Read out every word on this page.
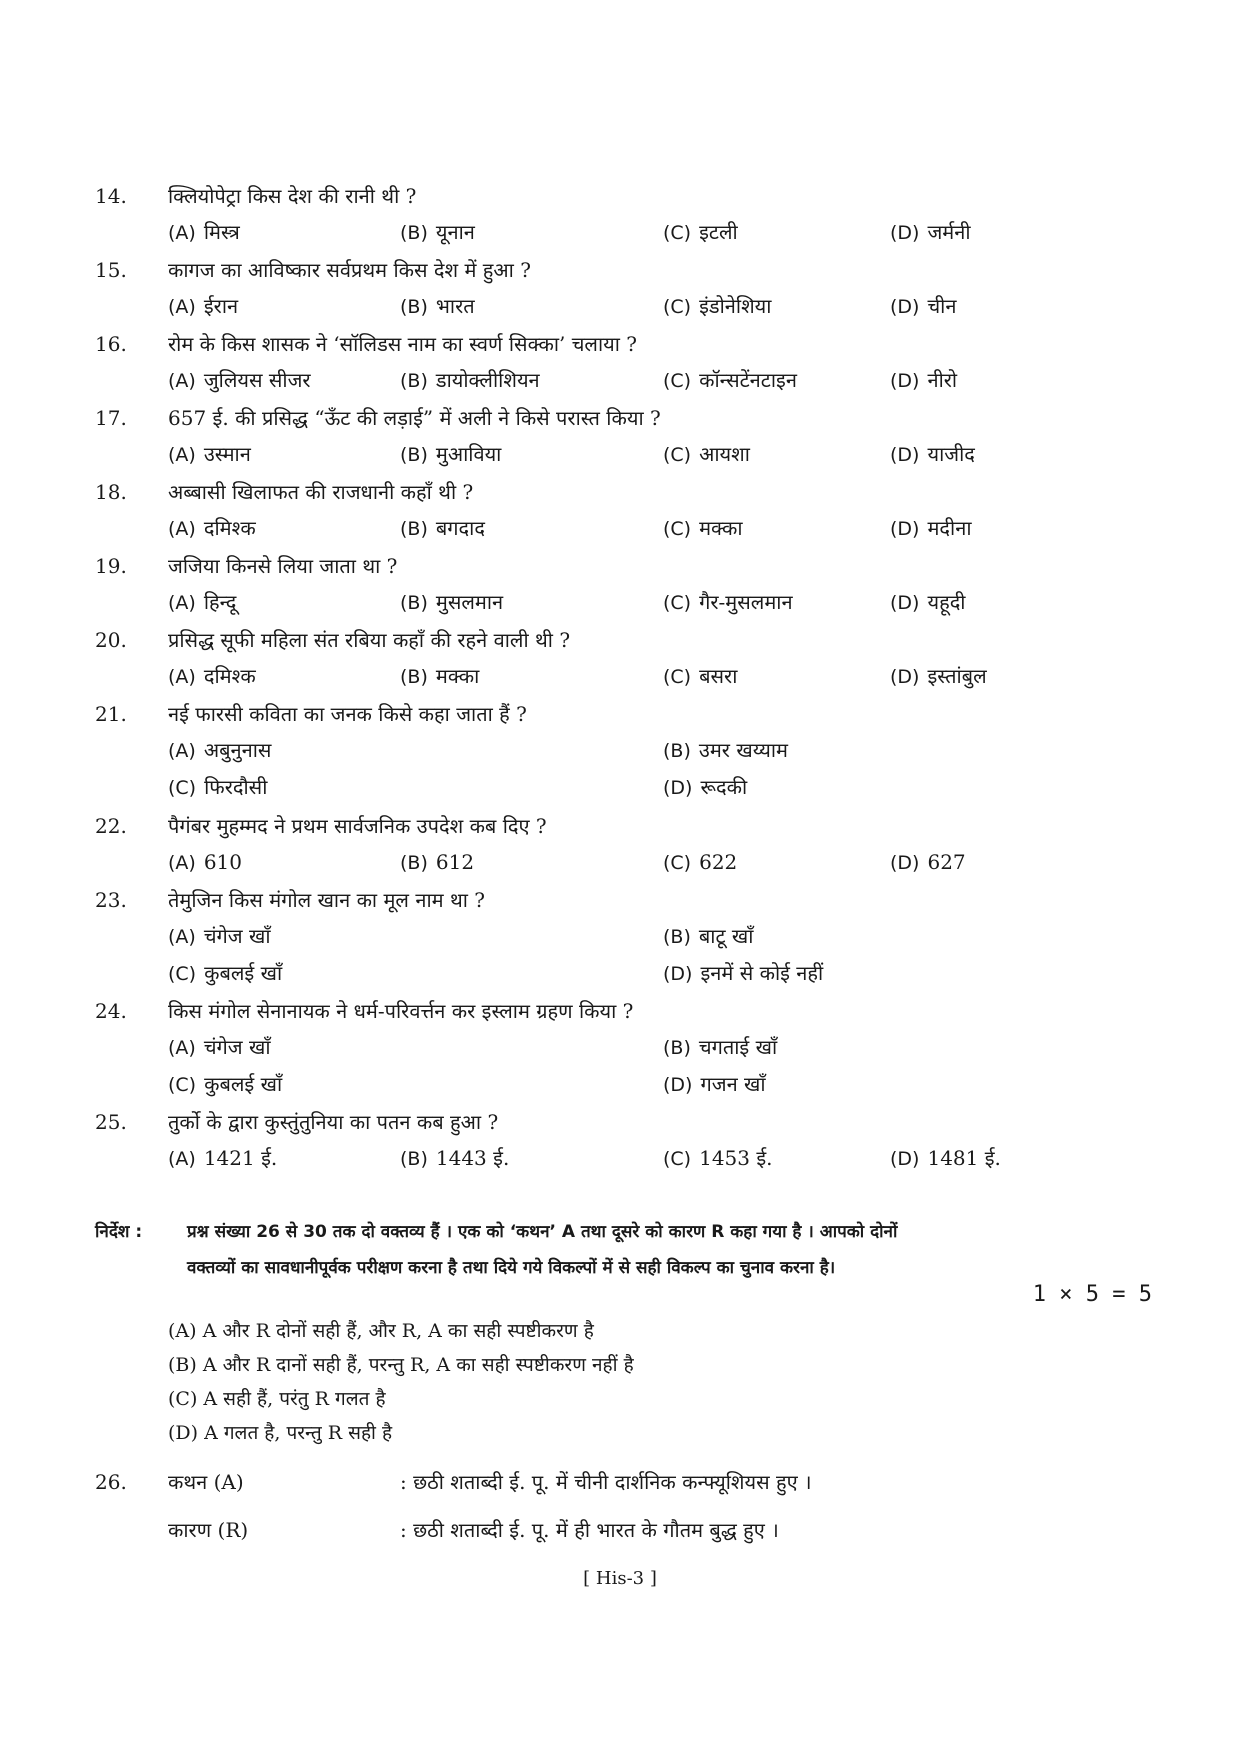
14. क्लियोपेट्रा किस देश की रानी थी ?
(A) मिस्त्र	(B) यूनान	(C) इटली	(D) जर्मनी
15. कागज का आविष्कार सर्वप्रथम किस देश में हुआ ?
(A) ईरान	(B) भारत	(C) इंडोनेशिया	(D) चीन
16. रोम के किस शासक ने ‘सॉलिडस नाम का स्वर्ण सिक्का’ चलाया ?
(A) जुलियस सीजर	(B) डायोक्लीशियन	(C) कॉन्सटेंनटाइन	(D) नीरो
17. 657 ई. की प्रसिद्ध “ऊँट की लड़ाई” में अली ने किसे परास्त किया ?
(A) उस्मान	(B) मुआविया	(C) आयशा	(D) याजीद
18. अब्बासी खिलाफत की राजधानी कहाँ थी ?
(A) दमिश्क	(B) बगदाद	(C) मक्का	(D) मदीना
19. जजिया किनसे लिया जाता था ?
(A) हिन्दू	(B) मुसलमान	(C) गैर-मुसलमान	(D) यहूदी
20. प्रसिद्ध सूफी महिला संत रबिया कहाँ की रहने वाली थी ?
(A) दमिश्क	(B) मक्का	(C) बसरा	(D) इस्तांबुल
21. नई फारसी कविता का जनक किसे कहा जाता हैं ?
(A) अबुनुनास	(B) उमर खय्याम
(C) फिरदौसी	(D) रूदकी
22. पैगंबर मुहम्मद ने प्रथम सार्वजनिक उपदेश कब दिए ?
(A) 610	(B) 612	(C) 622	(D) 627
23. तेमुजिन किस मंगोल खान का मूल नाम था ?
(A) चंगेज खाँ	(B) बाटू खाँ
(C) कुबलई खाँ	(D) इनमें से कोई नहीं
24. किस मंगोल सेनानायक ने धर्म-परिवर्त्तन कर इस्लाम ग्रहण किया ?
(A) चंगेज खाँ	(B) चगताई खाँ
(C) कुबलई खाँ	(D) गजन खाँ
25. तुर्को के द्वारा कुस्तुंतुनिया का पतन कब हुआ ?
(A) 1421 ई.	(B) 1443 ई.	(C) 1453 ई.	(D) 1481 ई.
निर्देश :	प्रश्न संख्या 26 से 30 तक दो वक्तव्य हैं । एक को ‘कथन’ A तथा दूसरे को कारण R कहा गया है । आपको दोनों
वक्तव्यों का सावधानीपूर्वक परीक्षण करना है तथा दिये गये विकल्पों में से सही विकल्प का चुनाव करना है।
1 × 5 = 5
(A) A और R दोनों सही हैं, और R, A का सही स्पष्टीकरण है
(B) A और R दानों सही हैं, परन्तु R, A का सही स्पष्टीकरण नहीं है
(C) A सही हैं, परंतु R गलत है
(D) A गलत है, परन्तु R सही है
26. कथन (A)	: छठी शताब्दी ई. पू. में चीनी दार्शनिक कन्फ्यूशियस हुए ।
कारण (R)	: छठी शताब्दी ई. पू. में ही भारत के गौतम बुद्ध हुए ।
[ His-3 ]
